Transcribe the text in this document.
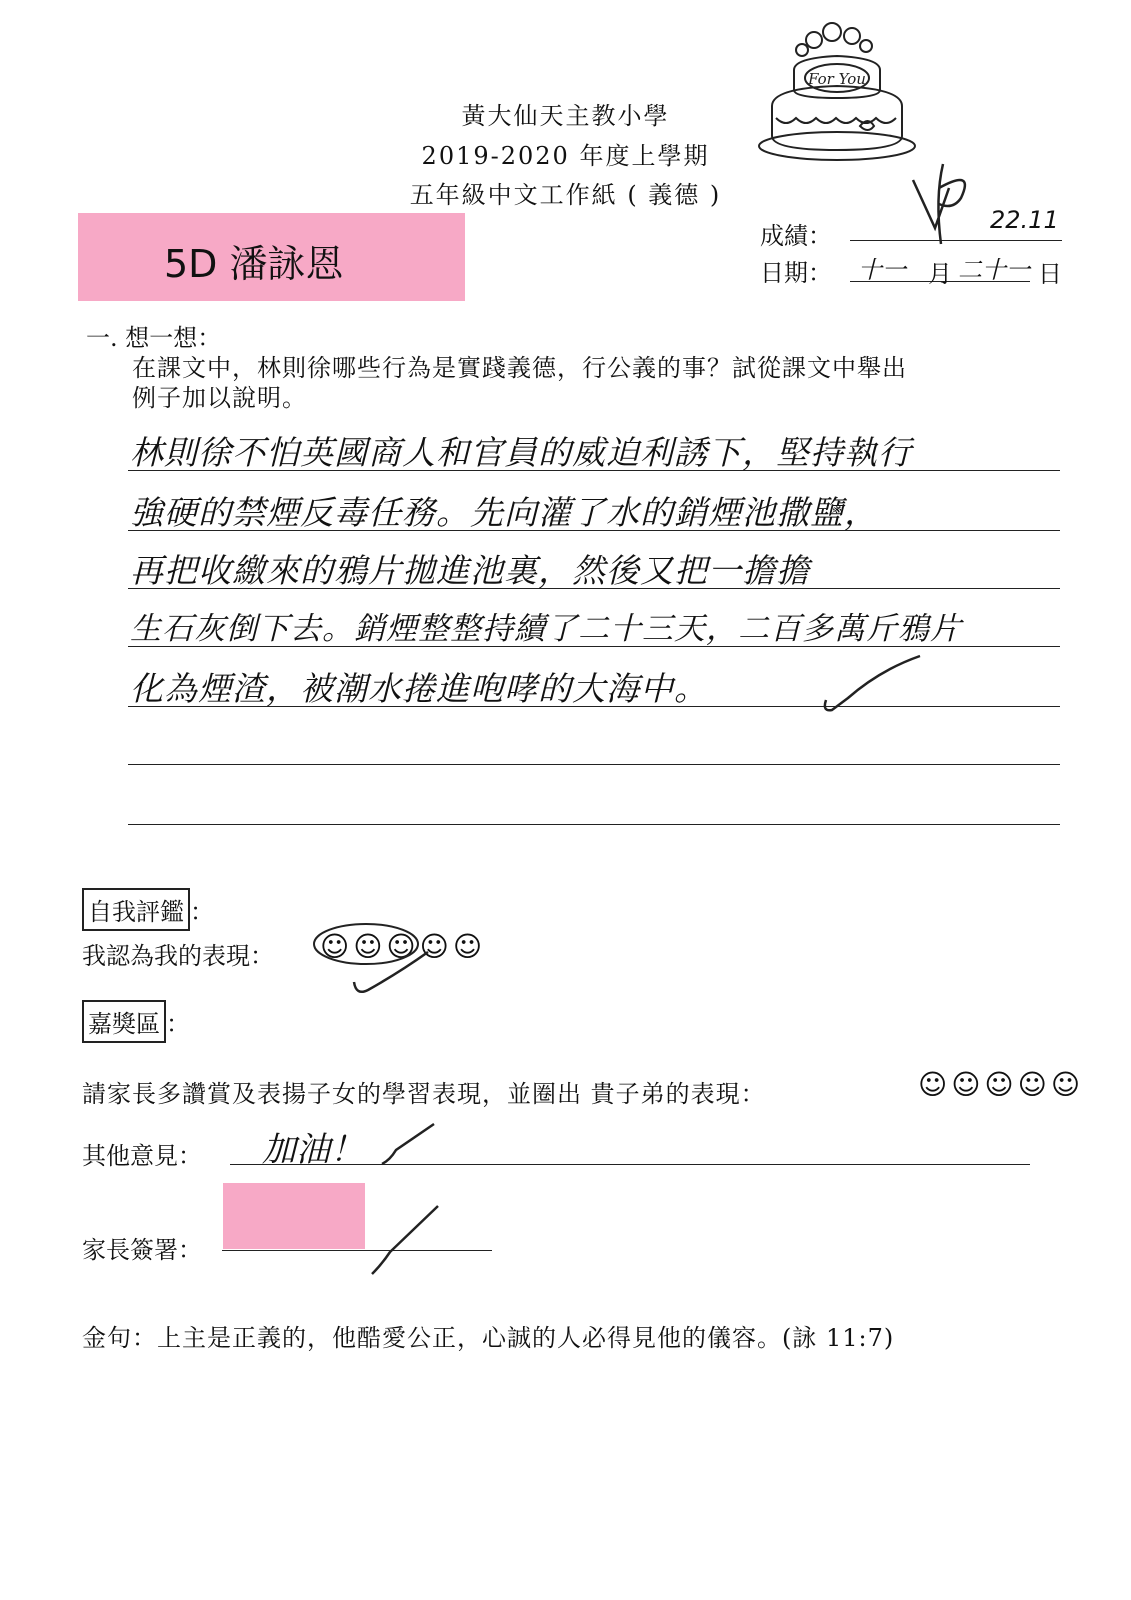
For You
黃大仙天主教小學
2019-2020 年度上學期
五年級中文工作紙 ( 義德 )
5D 潘詠恩
成績：
22.11
日期： 十一 月 二十一 日
一. 想一想：
在課文中，林則徐哪些行為是實踐義德，行公義的事？試從課文中舉出
例子加以說明。
林則徐不怕英國商人和官員的威迫利誘下，堅持執行
強硬的禁煙反毒任務。先向灌了水的銷煙池撒鹽，
再把收繳來的鴉片拋進池裏，然後又把一擔擔
生石灰倒下去。銷煙整整持續了二十三天，二百多萬斤鴉片
化為煙渣，被潮水捲進咆哮的大海中。
自我評鑑 ：
我認為我的表現： ☺ ☺ ☺ ☺ ☺
嘉獎區 ：
請家長多讚賞及表揚子女的學習表現，並圈出 貴子弟的表現：	☺ ☺ ☺ ☺ ☺
其他意見： 加油！
家長簽署：
金句：上主是正義的，他酷愛公正，心誠的人必得見他的儀容。(詠 11:7)
